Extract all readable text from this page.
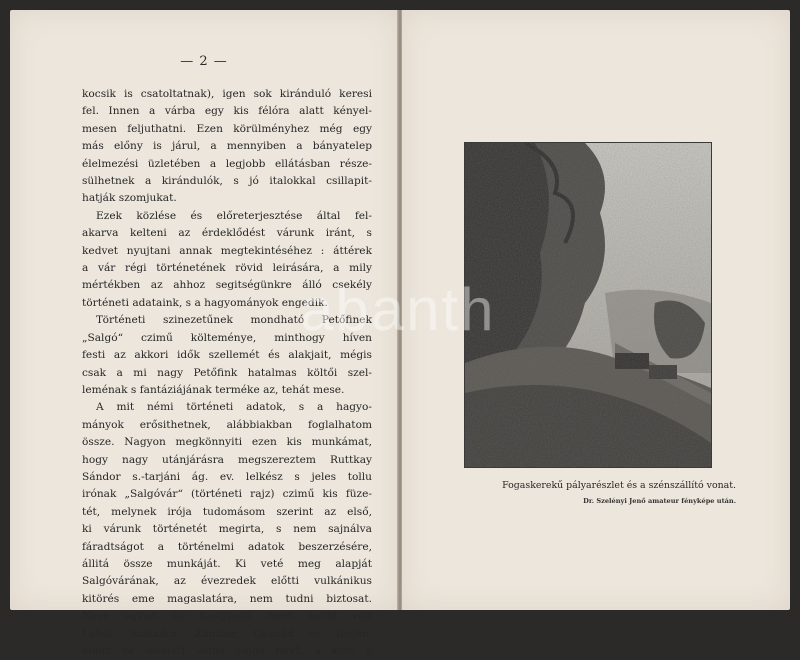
— 2 —
kocsik is csatoltatnak), igen sok kiránduló keresi
fel. Innen a várba egy kis félóra alatt kényel-
mesen feljuthatni. Ezen körülményhez még egy
más előny is járul, a mennyiben a bányatelep
élelmezési üzletében a legjobb ellátásban része-
sülhetnek a kirándulók, s jó italokkal csillapit-
hatják szomjukat.
Ezek közlése és előreterjesztése által fel-
akarva kelteni az érdeklődést várunk iránt, s
kedvet nyujtani annak megtekintéséhez : áttérek
a vár régi történetének rövid leirására, a mily
mértékben az ahhoz segitségünkre álló csekély
történeti adataink, s a hagyományok engedik.
Történeti szinezetűnek mondható Petőfinek
„Salgó“ czimű költeménye, minthogy híven
festi az akkori idők szellemét és alakjait, mégis
csak a mi nagy Petőfink hatalmas költői szel-
leménak s fantáziájának terméke az, tehát mese.
A mit némi történeti adatok, s a hagyo-
mányok erősithetnek, alábbiakban foglalhatom
össze. Nagyon megkönnyiti ezen kis munkámat,
hogy nagy utánjárásra megszereztem Ruttkay
Sándor s.-tarjáni ág. ev. lelkész s jeles tollu
irónak „Salgóvár“ (történeti rajz) czimű kis füze-
tét, melynek irója tudomásom szerint az első,
ki várunk történetét megirta, s nem sajnálva
fáradtságot a történelmi adatok beszerzésére,
állitá össze munkáját. Ki veté meg alapját
Salgóvárának, az évezredek előtti vulkánikus
kitörés eme magaslatára, nem tudni biztosat.
Neve ugyan ősi hangzású, mert amint volt
Lehel, Szabolcs, Zombor, Csanád és Tarján,
miért ne lehetett volna Salgó nevű, a kiról a
Fogaskerekű pályarészlet és a szénszállító vonat.
Dr. Szelényi Jenő amateur fényképe után.
abanth
